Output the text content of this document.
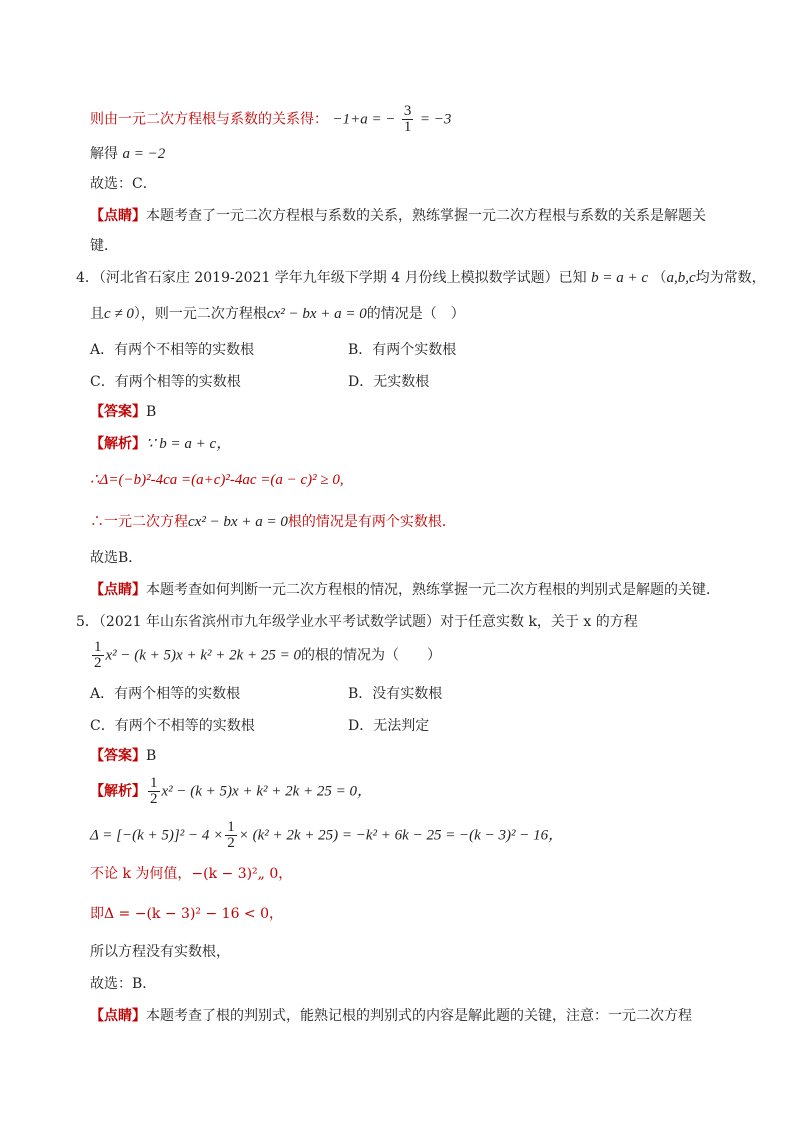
则由一元二次方程根与系数的关系得： −1+a = − $\frac{3}{1} = -3$
解得 a = −2
故选：C．
【点睛】本题考查了一元二次方程根与系数的关系，熟练掌握一元二次方程根与系数的关系是解题关
键．
4．（河北省石家庄 2019-2021 学年九年级下学期 4 月份线上模拟数学试题）已知 b = a + c （a,b,c均为常数，
且c ≠ 0），则一元二次方程根cx² − bx + a = 0的情况是（　）
A．有两个不相等的实数根	B．有两个实数根
C．有两个相等的实数根	D．无实数根
【答案】B
【解析】∵ b = a + c，
∴Δ=(−b)²-4ca =(a+c)²-4ac =(a − c)² ≥ 0,
∴一元二次方程cx² − bx + a = 0根的情况是有两个实数根．
故选B．
【点睛】本题考查如何判断一元二次方程根的情况，熟练掌握一元二次方程根的判别式是解题的关键．
5．（2021 年山东省滨州市九年级学业水平考试数学试题）对于任意实数 k，关于 x 的方程
$\frac{1}{2} x^2 - (k + 5)x + k^2 + 2k + 25 = 0$的根的情况为（　　）
A．有两个相等的实数根	B．没有实数根
C．有两个不相等的实数根	D．无法判定
【答案】B
【解析】 $\frac{1}{2} x^2 - (k + 5)x + k^2 + 2k + 25 = 0$，
$\Delta = [-(k + 5)]^2 - 4 \times \frac{1}{2} \times (k^2 + 2k + 25) = -k^2 + 6k - 25 = -(k - 3)^2 - 16$，
不论 k 为何值，−(k − 3)²„ 0，
即Δ = −(k − 3)² − 16 < 0，
所以方程没有实数根，
故选：B．
【点睛】本题考查了根的判别式，能熟记根的判别式的内容是解此题的关键，注意：一元二次方程
